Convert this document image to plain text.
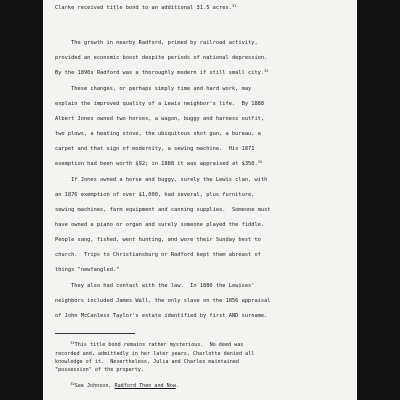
Clarke received title bond to an additional 31.5 acres.$^{31}$

The growth in nearby Radford, primed by railroad activity,

provided an economic boost despite periods of national depression.

By the 1890s Radford was a thoroughly modern if still small city.$^{32}$

These changes, or perhaps simply time and hard work, may

explain the improved quality of a Lewis neighbor's life.  By 1888

Albert Jones owned two horses, a wagon, buggy and harness outfit,

two plows, a heating stove, the ubiquitous shot gun, a bureau, a

carpet and that sign of modernity, a sewing machine.  His 1871

exemption had been worth $92; in 1888 it was appraised at $350.33

If Jones owned a horse and buggy, surely the Lewis clan, with

an 1876 exemption of over $1,000, had several, plus furniture,

sewing machines, farm equipment and canning supplies.  Someone must

have owned a piano or organ and surely someone played the fiddle.

People sang, fished, went hunting, and wore their Sunday best to

church.  Trips to Christiansburg or Radford kept them abreast of

things "newfangled."

They also had contact with the law.  In 1880 the Lewises'

neighbors included James Wall, the only slave on the 1856 appraisal

of John McCanless Taylor's estate identified by first AND surname.

$^{31}$This title bond remains rather mysterious.  No deed was

recorded and, admittedly in her later years, Charlotte denied all

knowledge of it.  Nevertheless, Julia and Charles maintained

"possession" of the property.

$^{32}$See Johnson, Radford Then and Now.
